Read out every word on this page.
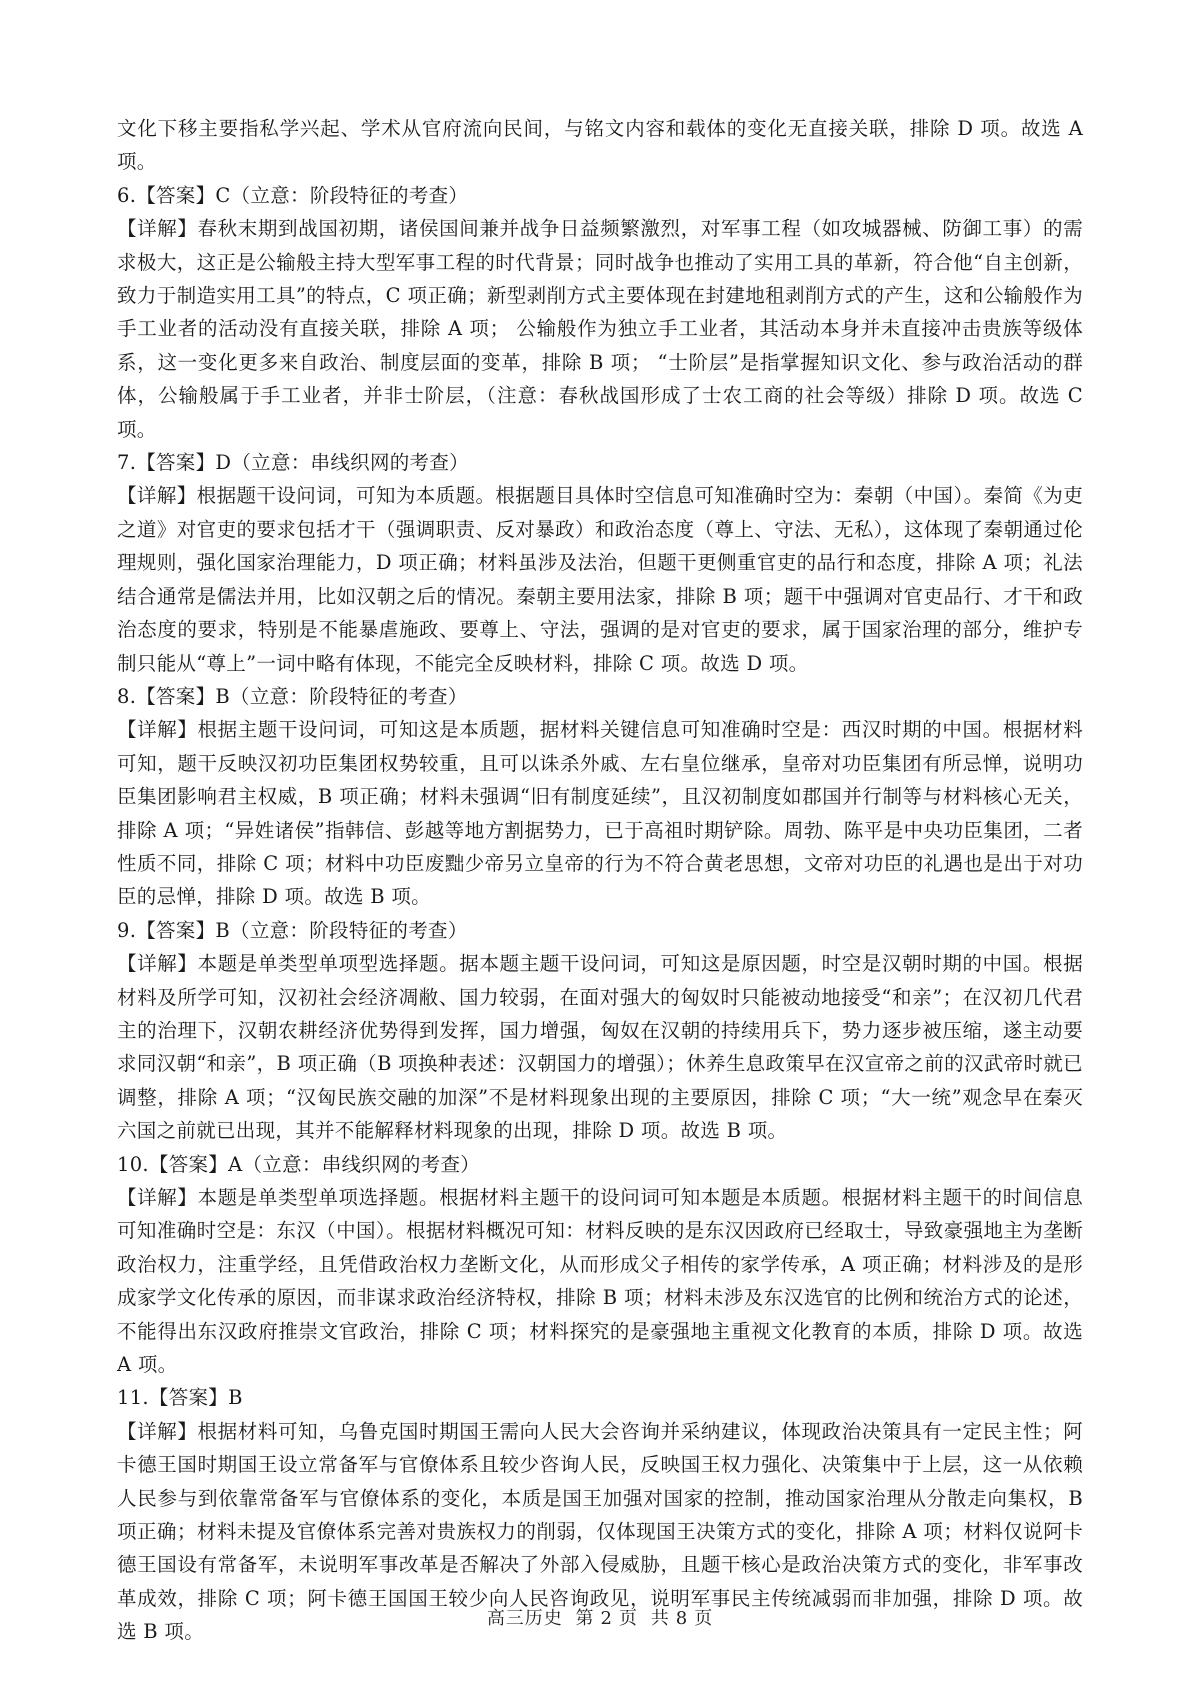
文化下移主要指私学兴起、学术从官府流向民间，与铭文内容和载体的变化无直接关联，排除 D 项。故选 A 项。

6.【答案】C（立意：阶段特征的考查）

【详解】春秋末期到战国初期，诸侯国间兼并战争日益频繁激烈，对军事工程（如攻城器械、防御工事）的需求极大，这正是公输般主持大型军事工程的时代背景；同时战争也推动了实用工具的革新，符合他“自主创新，致力于制造实用工具”的特点，C 项正确；新型剥削方式主要体现在封建地租剥削方式的产生，这和公输般作为手工业者的活动没有直接关联，排除 A 项； 公输般作为独立手工业者，其活动本身并未直接冲击贵族等级体系，这一变化更多来自政治、制度层面的变革，排除 B 项； “士阶层”是指掌握知识文化、参与政治活动的群体，公输般属于手工业者，并非士阶层，（注意：春秋战国形成了士农工商的社会等级）排除 D 项。故选 C 项。

7.【答案】D（立意：串线织网的考查）

【详解】根据题干设问词，可知为本质题。根据题目具体时空信息可知准确时空为：秦朝（中国）。秦简《为吏之道》对官吏的要求包括才干（强调职责、反对暴政）和政治态度（尊上、守法、无私），这体现了秦朝通过伦理规则，强化国家治理能力，D 项正确；材料虽涉及法治，但题干更侧重官吏的品行和态度，排除 A 项；礼法结合通常是儒法并用，比如汉朝之后的情况。秦朝主要用法家，排除 B 项；题干中强调对官吏品行、才干和政治态度的要求，特别是不能暴虐施政、要尊上、守法，强调的是对官吏的要求，属于国家治理的部分，维护专制只能从“尊上”一词中略有体现，不能完全反映材料，排除 C 项。故选 D 项。

8.【答案】B（立意：阶段特征的考查）

【详解】根据主题干设问词，可知这是本质题，据材料关键信息可知准确时空是：西汉时期的中国。根据材料可知，题干反映汉初功臣集团权势较重，且可以诛杀外戚、左右皇位继承，皇帝对功臣集团有所忌惮，说明功臣集团影响君主权威，B 项正确；材料未强调“旧有制度延续”，且汉初制度如郡国并行制等与材料核心无关，排除 A 项；“异姓诸侯”指韩信、彭越等地方割据势力，已于高祖时期铲除。周勃、陈平是中央功臣集团，二者性质不同，排除 C 项；材料中功臣废黜少帝另立皇帝的行为不符合黄老思想，文帝对功臣的礼遇也是出于对功臣的忌惮，排除 D 项。故选 B 项。

9.【答案】B（立意：阶段特征的考查）

【详解】本题是单类型单项型选择题。据本题主题干设问词，可知这是原因题，时空是汉朝时期的中国。根据材料及所学可知，汉初社会经济凋敝、国力较弱，在面对强大的匈奴时只能被动地接受“和亲”；在汉初几代君主的治理下，汉朝农耕经济优势得到发挥，国力增强，匈奴在汉朝的持续用兵下，势力逐步被压缩，遂主动要求同汉朝“和亲”，B 项正确（B 项换种表述：汉朝国力的增强）；休养生息政策早在汉宣帝之前的汉武帝时就已调整，排除 A 项；“汉匈民族交融的加深”不是材料现象出现的主要原因，排除 C 项；“大一统”观念早在秦灭六国之前就已出现，其并不能解释材料现象的出现，排除 D 项。故选 B 项。

10.【答案】A（立意：串线织网的考查）

【详解】本题是单类型单项选择题。根据材料主题干的设问词可知本题是本质题。根据材料主题干的时间信息可知准确时空是：东汉（中国）。根据材料概况可知：材料反映的是东汉因政府已经取士，导致豪强地主为垄断政治权力，注重学经，且凭借政治权力垄断文化，从而形成父子相传的家学传承，A 项正确；材料涉及的是形成家学文化传承的原因，而非谋求政治经济特权，排除 B 项；材料未涉及东汉选官的比例和统治方式的论述，不能得出东汉政府推崇文官政治，排除 C 项；材料探究的是豪强地主重视文化教育的本质，排除 D 项。故选 A 项。

11.【答案】B

【详解】根据材料可知，乌鲁克国时期国王需向人民大会咨询并采纳建议，体现政治决策具有一定民主性；阿卡德王国时期国王设立常备军与官僚体系且较少咨询人民，反映国王权力强化、决策集中于上层，这一从依赖人民参与到依靠常备军与官僚体系的变化，本质是国王加强对国家的控制，推动国家治理从分散走向集权，B 项正确；材料未提及官僚体系完善对贵族权力的削弱，仅体现国王决策方式的变化，排除 A 项；材料仅说阿卡德王国设有常备军，未说明军事改革是否解决了外部入侵威胁，且题干核心是政治决策方式的变化，非军事改革成效，排除 C 项；阿卡德王国国王较少向人民咨询政见，说明军事民主传统减弱而非加强，排除 D 项。故选 B 项。

高三历史 第 2 页 共 8 页
